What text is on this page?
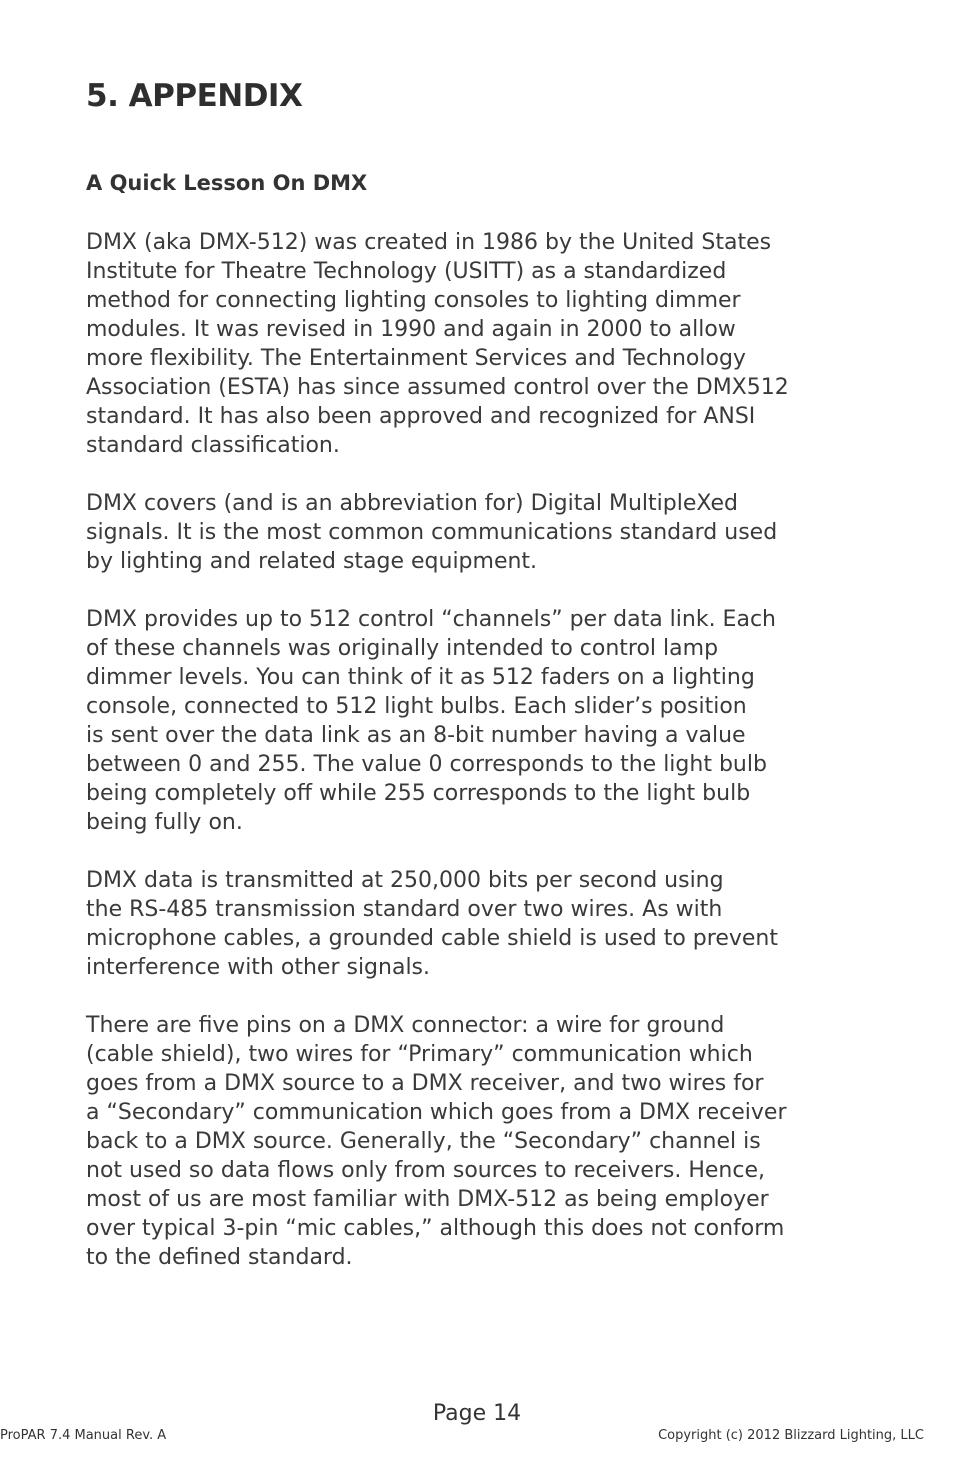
5. APPENDIX
A Quick Lesson On DMX

DMX (aka DMX-512) was created in 1986 by the United States
Institute for Theatre Technology (USITT) as a standardized
method for connecting lighting consoles to lighting dimmer
modules. It was revised in 1990 and again in 2000 to allow
more flexibility. The Entertainment Services and Technology
Association (ESTA) has since assumed control over the DMX512
standard. It has also been approved and recognized for ANSI
standard classification.

DMX covers (and is an abbreviation for) Digital MultipleXed
signals. It is the most common communications standard used
by lighting and related stage equipment.

DMX provides up to 512 control “channels” per data link. Each
of these channels was originally intended to control lamp
dimmer levels. You can think of it as 512 faders on a lighting
console, connected to 512 light bulbs. Each slider’s position
is sent over the data link as an 8-bit number having a value
between 0 and 255. The value 0 corresponds to the light bulb
being completely off while 255 corresponds to the light bulb
being fully on.

DMX data is transmitted at 250,000 bits per second using
the RS-485 transmission standard over two wires. As with
microphone cables, a grounded cable shield is used to prevent
interference with other signals.

There are five pins on a DMX connector: a wire for ground
(cable shield), two wires for “Primary” communication which
goes from a DMX source to a DMX receiver, and two wires for
a “Secondary” communication which goes from a DMX receiver
back to a DMX source. Generally, the “Secondary” channel is
not used so data flows only from sources to receivers. Hence,
most of us are most familiar with DMX-512 as being employer
over typical 3-pin “mic cables,” although this does not conform
to the defined standard.

Page 14
ProPAR 7.4 Manual Rev. A	Copyright (c) 2012 Blizzard Lighting, LLC
